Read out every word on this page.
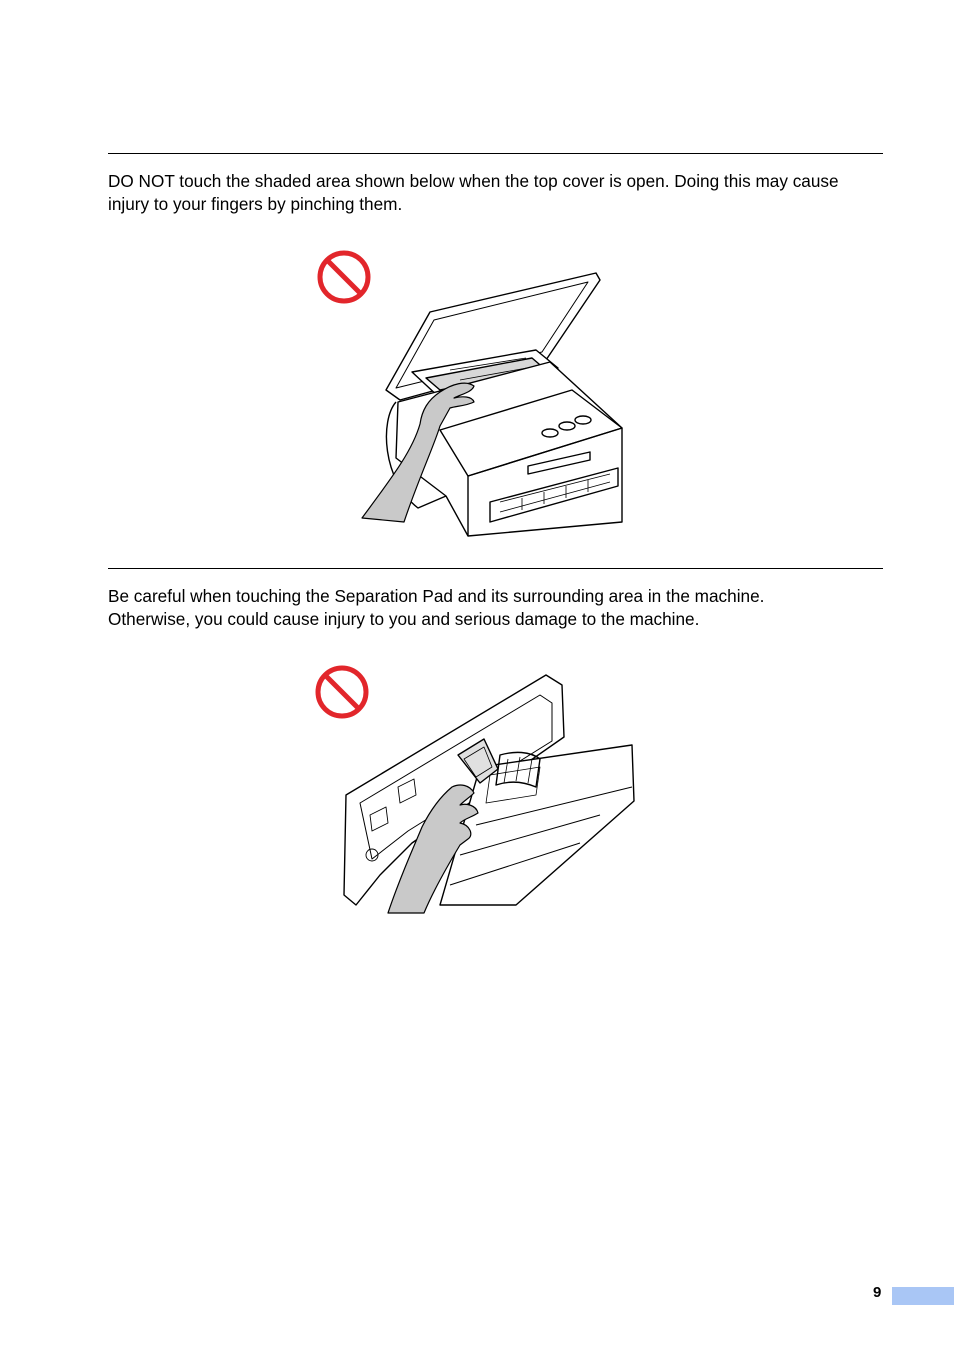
DO NOT touch the shaded area shown below when the top cover is open. Doing this may cause
injury to your fingers by pinching them.

Be careful when touching the Separation Pad and its surrounding area in the machine.
Otherwise, you could cause injury to you and serious damage to the machine.

9
